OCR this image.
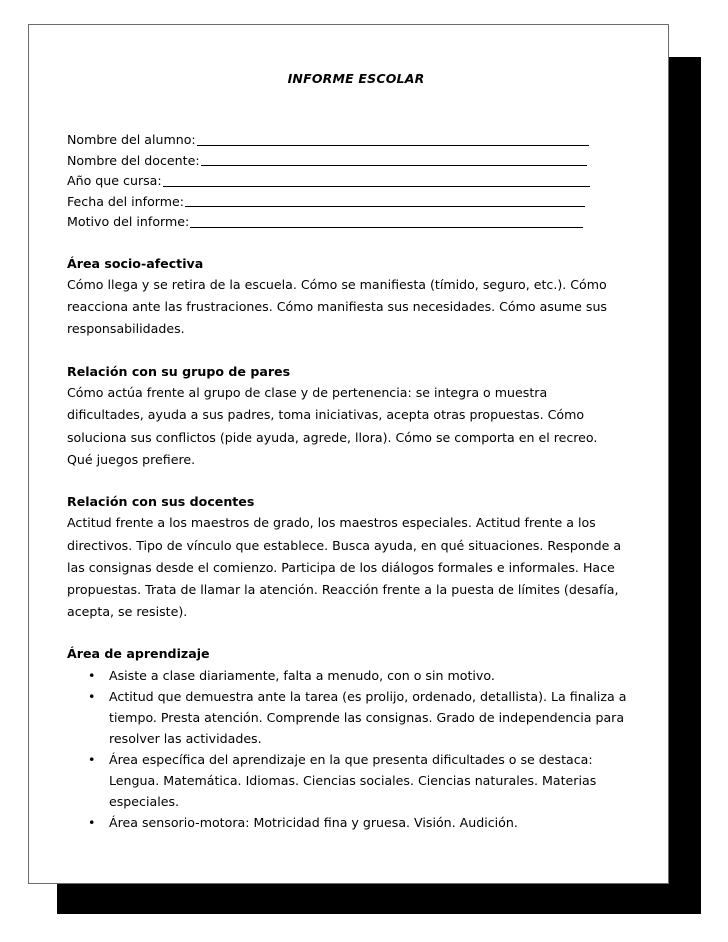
INFORME ESCOLAR
Nombre del alumno:
Nombre del docente:
Año que cursa:
Fecha del informe:
Motivo del informe:
Área socio-afectiva
Cómo llega y se retira de la escuela. Cómo se manifiesta (tímido, seguro, etc.). Cómo reacciona ante las frustraciones. Cómo manifiesta sus necesidades. Cómo asume sus responsabilidades.
Relación con su grupo de pares
Cómo actúa frente al grupo de clase y de pertenencia: se integra o muestra dificultades, ayuda a sus padres, toma iniciativas, acepta otras propuestas. Cómo soluciona sus conflictos (pide ayuda, agrede, llora). Cómo se comporta en el recreo. Qué juegos prefiere.
Relación con sus docentes
Actitud frente a los maestros de grado, los maestros especiales. Actitud frente a los directivos. Tipo de vínculo que establece. Busca ayuda, en qué situaciones. Responde a las consignas desde el comienzo. Participa de los diálogos formales e informales. Hace propuestas. Trata de llamar la atención. Reacción frente a la puesta de límites (desafía, acepta, se resiste).
Área de aprendizaje
• Asiste a clase diariamente, falta a menudo, con o sin motivo.
• Actitud que demuestra ante la tarea (es prolijo, ordenado, detallista). La finaliza a tiempo. Presta atención. Comprende las consignas. Grado de independencia para resolver las actividades.
• Área específica del aprendizaje en la que presenta dificultades o se destaca: Lengua. Matemática. Idiomas. Ciencias sociales. Ciencias naturales. Materias especiales.
• Área sensorio-motora: Motricidad fina y gruesa. Visión. Audición.
